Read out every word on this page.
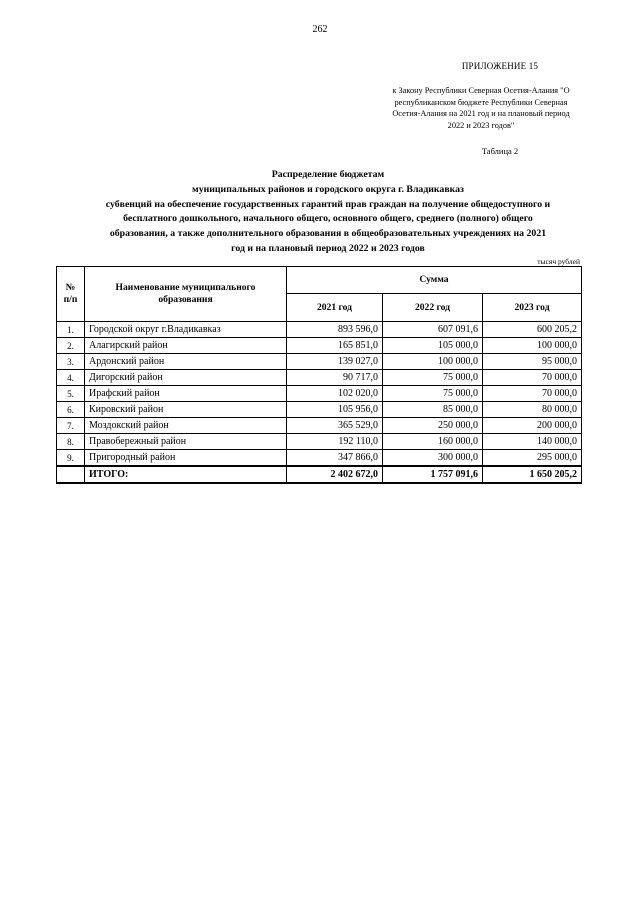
262
ПРИЛОЖЕНИЕ 15
к Закону Республики Северная Осетия-Алания "О
республиканском бюджете Республики Северная
Осетия-Алания на 2021 год и на плановый период
2022 и 2023 годов"
Таблица 2
Распределение бюджетам
муниципальных районов и городского округа г. Владикавказ
субвенций на обеспечение государственных гарантий прав граждан на получение общедоступного и
бесплатного дошкольного, начального общего, основного общего, среднего (полного) общего
образования, а также дополнительного образования в общеобразовательных учреждениях на 2021
год и на плановый период 2022 и 2023 годов
тысяч рублей
№ п/п	Наименование муниципального образования	Сумма		
		2021 год	2022 год	2023 год
1.	Городской округ г.Владикавказ	893 596,0	607 091,6	600 205,2
2.	Алагирский район	165 851,0	105 000,0	100 000,0
3.	Ардонский район	139 027,0	100 000,0	95 000,0
4.	Дигорский район	90 717,0	75 000,0	70 000,0
5.	Ирафский район	102 020,0	75 000,0	70 000,0
6.	Кировский район	105 956,0	85 000,0	80 000,0
7.	Моздокский район	365 529,0	250 000,0	200 000,0
8.	Правобережный район	192 110,0	160 000,0	140 000,0
9.	Пригородный район	347 866,0	300 000,0	295 000,0
	ИТОГО:	2 402 672,0	1 757 091,6	1 650 205,2
